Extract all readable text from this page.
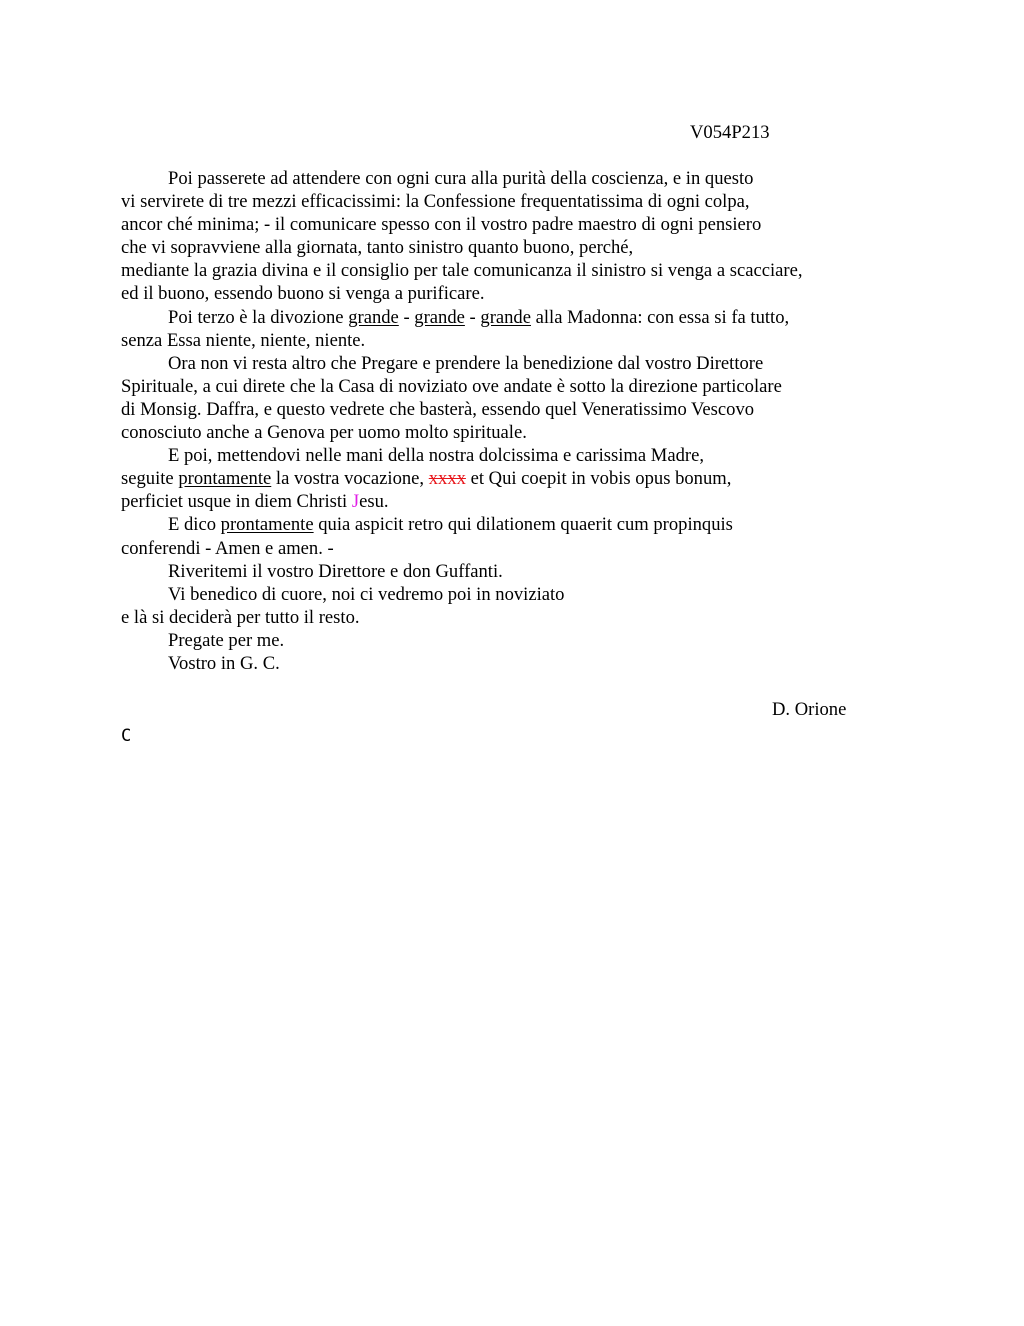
V054P213
Poi passerete ad attendere con ogni cura alla purità della coscienza, e in questo
vi servirete di tre mezzi efficacissimi: la Confessione frequentatissima di ogni colpa,
ancor ché minima; - il comunicare spesso con il vostro padre maestro di ogni pensiero
che vi sopravviene alla giornata, tanto sinistro quanto buono, perché,
mediante la grazia divina e il consiglio per tale comunicanza il sinistro si venga a scacciare,
ed il buono, essendo buono si venga a purificare.
Poi terzo è la divozione grande - grande - grande alla Madonna: con essa si fa tutto,
senza Essa niente, niente, niente.
Ora non vi resta altro che Pregare e prendere la benedizione dal vostro Direttore
Spirituale, a cui direte che la Casa di noviziato ove andate è sotto la direzione particolare
di Monsig. Daffra, e questo vedrete che basterà, essendo quel Veneratissimo Vescovo
conosciuto anche a Genova per uomo molto spirituale.
E poi, mettendovi nelle mani della nostra dolcissima e carissima Madre,
seguite prontamente la vostra vocazione, xxxx et Qui coepit in vobis opus bonum,
perficiet usque in diem Christi Jesu.
E dico prontamente quia aspicit retro qui dilationem quaerit cum propinquis
conferendi - Amen e amen. -
Riveritemi il vostro Direttore e don Guffanti.
Vi benedico di cuore, noi ci vedremo poi in noviziato
e là si deciderà per tutto il resto.
Pregate per me.
Vostro in G. C.
D. Orione
C
